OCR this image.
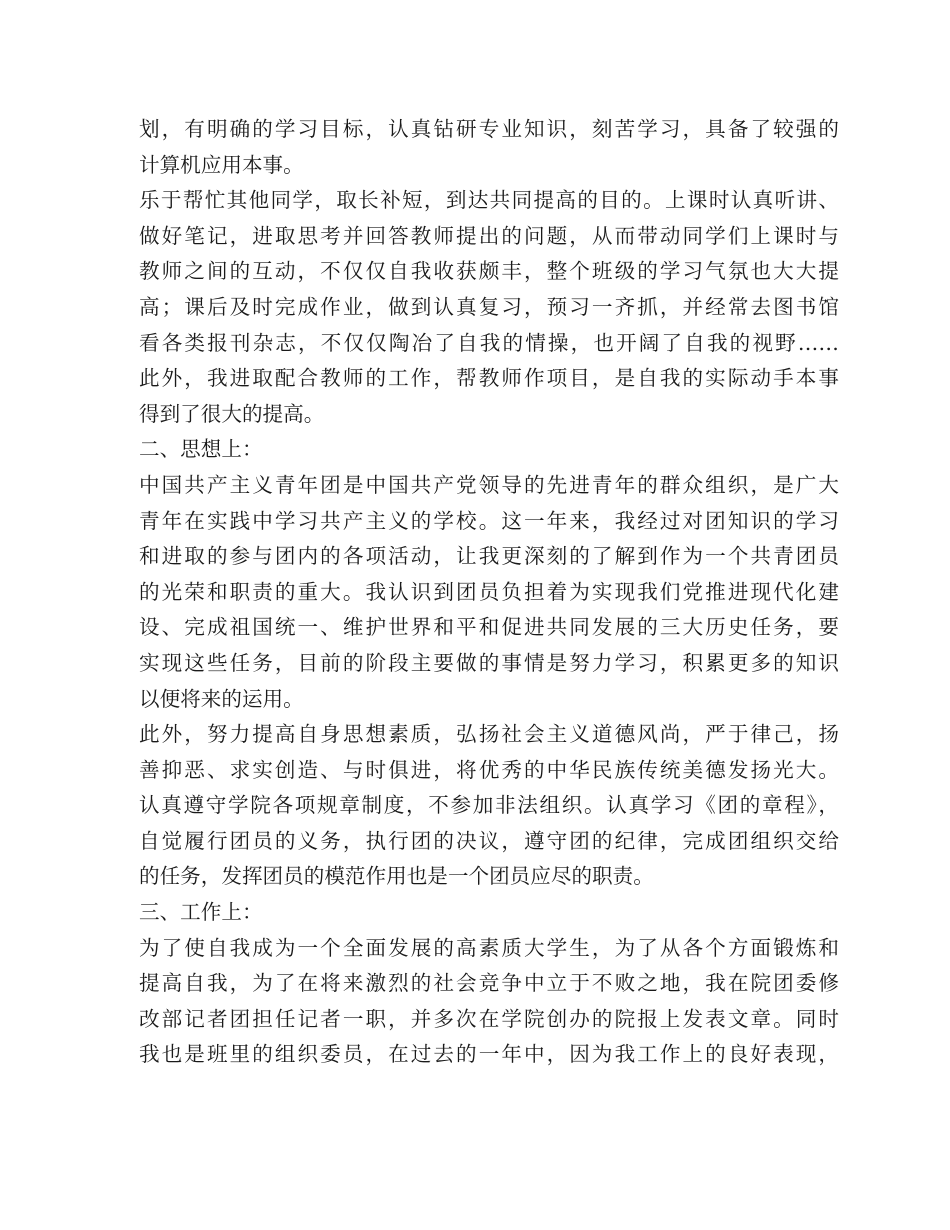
划，有明确的学习目标，认真钻研专业知识，刻苦学习，具备了较强的
计算机应用本事。
乐于帮忙其他同学，取长补短，到达共同提高的目的。上课时认真听讲、
做好笔记，进取思考并回答教师提出的问题，从而带动同学们上课时与
教师之间的互动，不仅仅自我收获颇丰，整个班级的学习气氛也大大提
高；课后及时完成作业，做到认真复习，预习一齐抓，并经常去图书馆
看各类报刊杂志，不仅仅陶冶了自我的情操，也开阔了自我的视野……
此外，我进取配合教师的工作，帮教师作项目，是自我的实际动手本事
得到了很大的提高。
二、思想上：
中国共产主义青年团是中国共产党领导的先进青年的群众组织，是广大
青年在实践中学习共产主义的学校。这一年来，我经过对团知识的学习
和进取的参与团内的各项活动，让我更深刻的了解到作为一个共青团员
的光荣和职责的重大。我认识到团员负担着为实现我们党推进现代化建
设、完成祖国统一、维护世界和平和促进共同发展的三大历史任务，要
实现这些任务，目前的阶段主要做的事情是努力学习，积累更多的知识
以便将来的运用。
此外，努力提高自身思想素质，弘扬社会主义道德风尚，严于律己，扬
善抑恶、求实创造、与时俱进，将优秀的中华民族传统美德发扬光大。
认真遵守学院各项规章制度，不参加非法组织。认真学习《团的章程》，
自觉履行团员的义务，执行团的决议，遵守团的纪律，完成团组织交给
的任务，发挥团员的模范作用也是一个团员应尽的职责。
三、工作上：
为了使自我成为一个全面发展的高素质大学生，为了从各个方面锻炼和
提高自我，为了在将来激烈的社会竞争中立于不败之地，我在院团委修
改部记者团担任记者一职，并多次在学院创办的院报上发表文章。同时
我也是班里的组织委员，在过去的一年中，因为我工作上的良好表现，
